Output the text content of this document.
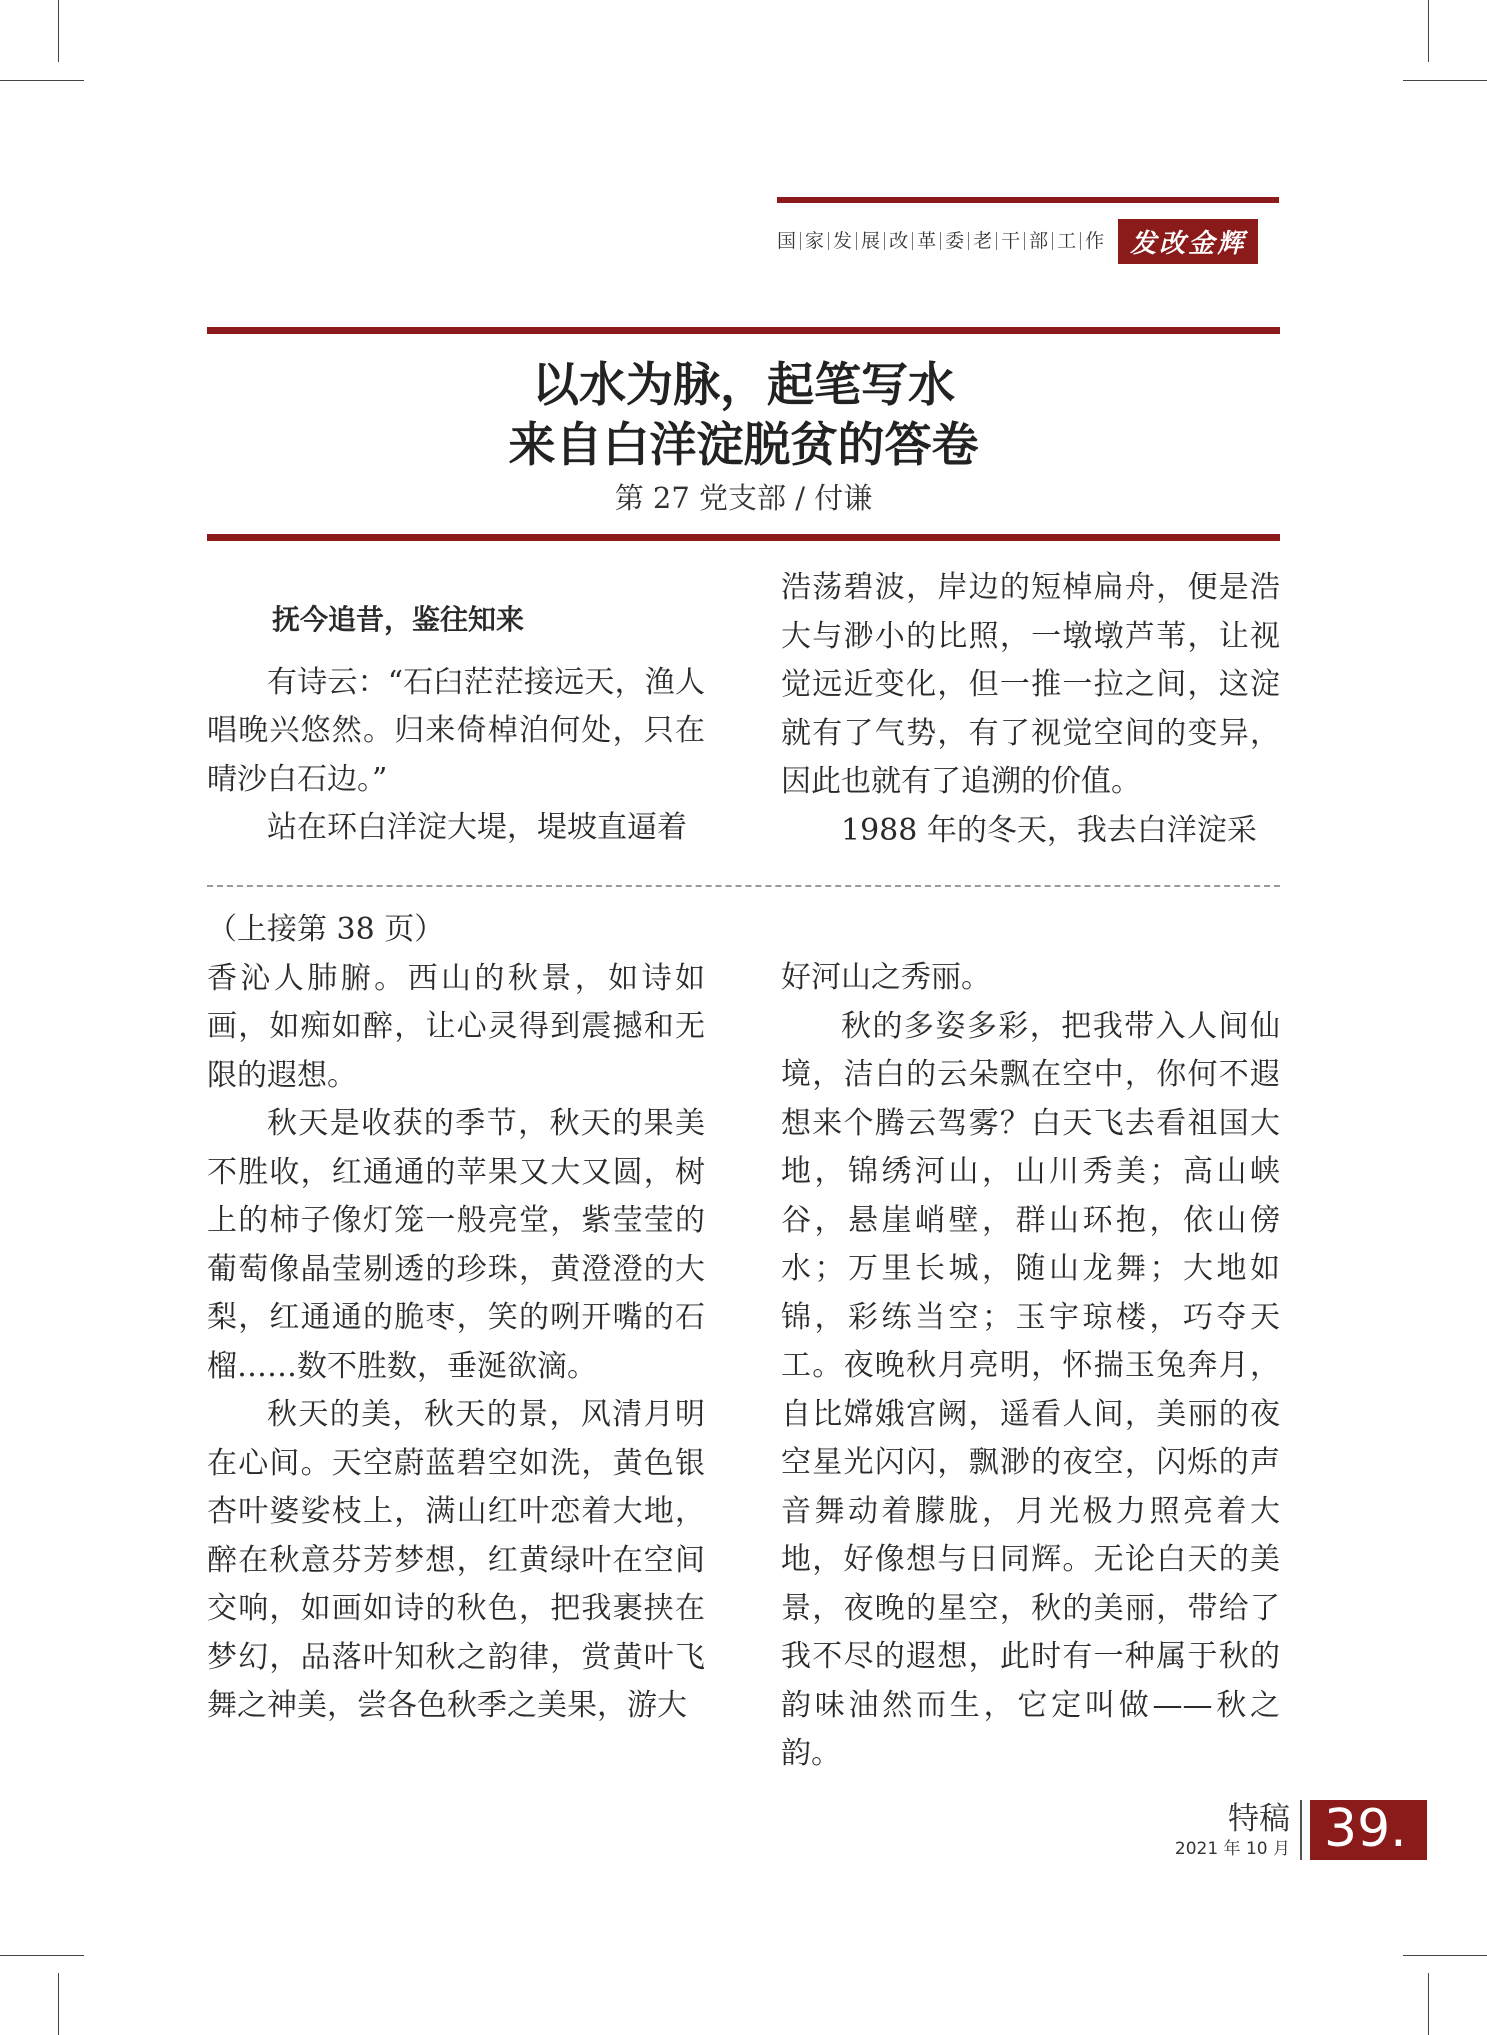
国 家 发 展 改 革 委 老 干 部 工 作	发改金辉
以水为脉，起笔写水
来自白洋淀脱贫的答卷
第 27 党支部 / 付谦
抚今追昔，鉴往知来

有诗云：“石臼茫茫接远天，渔人唱晚兴悠然。归来倚棹泊何处，只在晴沙白石边。”

站在环白洋淀大堤，堤坡直逼着

浩荡碧波，岸边的短棹扁舟，便是浩大与渺小的比照，一墩墩芦苇，让视觉远近变化，但一推一拉之间，这淀就有了气势，有了视觉空间的变异，因此也就有了追溯的价值。

1988 年的冬天，我去白洋淀采

（上接第 38 页）

香沁人肺腑。西山的秋景，如诗如画，如痴如醉，让心灵得到震撼和无限的遐想。

秋天是收获的季节，秋天的果美不胜收，红通通的苹果又大又圆，树上的柿子像灯笼一般亮堂，紫莹莹的葡萄像晶莹剔透的珍珠，黄澄澄的大梨，红通通的脆枣，笑的咧开嘴的石榴……数不胜数，垂涎欲滴。

秋天的美，秋天的景，风清月明在心间。天空蔚蓝碧空如洗，黄色银杏叶婆娑枝上，满山红叶恋着大地，醉在秋意芬芳梦想，红黄绿叶在空间交响，如画如诗的秋色，把我裹挟在梦幻，品落叶知秋之韵律，赏黄叶飞舞之神美，尝各色秋季之美果，游大

好河山之秀丽。

秋的多姿多彩，把我带入人间仙境，洁白的云朵飘在空中，你何不遐想来个腾云驾雾？白天飞去看祖国大地，锦绣河山，山川秀美；高山峡谷，悬崖峭壁，群山环抱，依山傍水；万里长城，随山龙舞；大地如锦，彩练当空；玉宇琼楼，巧夺天工。夜晚秋月亮明，怀揣玉兔奔月，自比嫦娥宫阙，遥看人间，美丽的夜空星光闪闪，飘渺的夜空，闪烁的声音舞动着朦胧，月光极力照亮着大地，好像想与日同辉。无论白天的美景，夜晚的星空，秋的美丽，带给了我不尽的遐想，此时有一种属于秋的韵味油然而生，它定叫做——秋之韵。

特稿
2021 年 10 月 39.
